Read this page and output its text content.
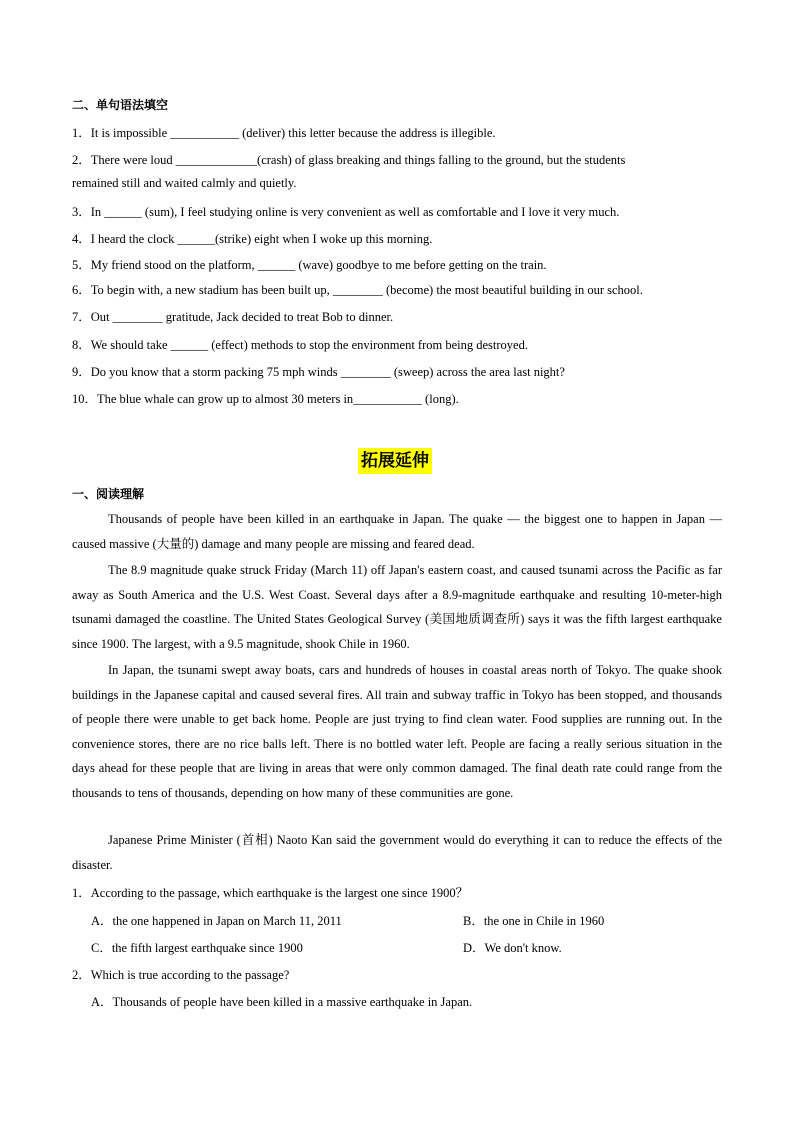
二、单句语法填空
1．It is impossible ___________ (deliver) this letter because the address is illegible.
2．There were loud _____________(crash) of glass breaking and things falling to the ground, but the students
remained still and waited calmly and quietly.
3．In ______ (sum), I feel studying online is very convenient as well as comfortable and I love it very much.
4．I heard the clock ______(strike) eight when I woke up this morning.
5．My friend stood on the platform, ______ (wave) goodbye to me before getting on the train.
6．To begin with, a new stadium has been built up, ________ (become) the most beautiful building in our school.
7．Out ________ gratitude, Jack decided to treat Bob to dinner.
8．We should take ______ (effect) methods to stop the environment from being destroyed.
9．Do you know that a storm packing 75 mph winds ________ (sweep) across the area last night?
10．The blue whale can grow up to almost 30 meters in___________ (long).
拓展延伸
一、阅读理解
Thousands of people have been killed in an earthquake in Japan. The quake — the biggest one to happen in Japan — caused massive (大量的) damage and many people are missing and feared dead.
The 8.9 magnitude quake struck Friday (March 11) off Japan's eastern coast, and caused tsunami across the Pacific as far away as South America and the U.S. West Coast. Several days after a 8.9-magnitude earthquake and resulting 10-meter-high tsunami damaged the coastline. The United States Geological Survey (美国地质调查所) says it was the fifth largest earthquake since 1900. The largest, with a 9.5 magnitude, shook Chile in 1960.
In Japan, the tsunami swept away boats, cars and hundreds of houses in coastal areas north of Tokyo. The quake shook buildings in the Japanese capital and caused several fires. All train and subway traffic in Tokyo has been stopped, and thousands of people there were unable to get back home. People are just trying to find clean water. Food supplies are running out. In the convenience stores, there are no rice balls left. There is no bottled water left. People are facing a really serious situation in the days ahead for these people that are living in areas that were only common damaged. The final death rate could range from the thousands to tens of thousands, depending on how many of these communities are gone.
Japanese Prime Minister (首相) Naoto Kan said the government would do everything it can to reduce the effects of the disaster.
1．According to the passage, which earthquake is the largest one since 1900？
A．the one happened in Japan on March 11, 2011	B．the one in Chile in 1960
C．the fifth largest earthquake since 1900	D．We don't know.
2．Which is true according to the passage?
A．Thousands of people have been killed in a massive earthquake in Japan.
